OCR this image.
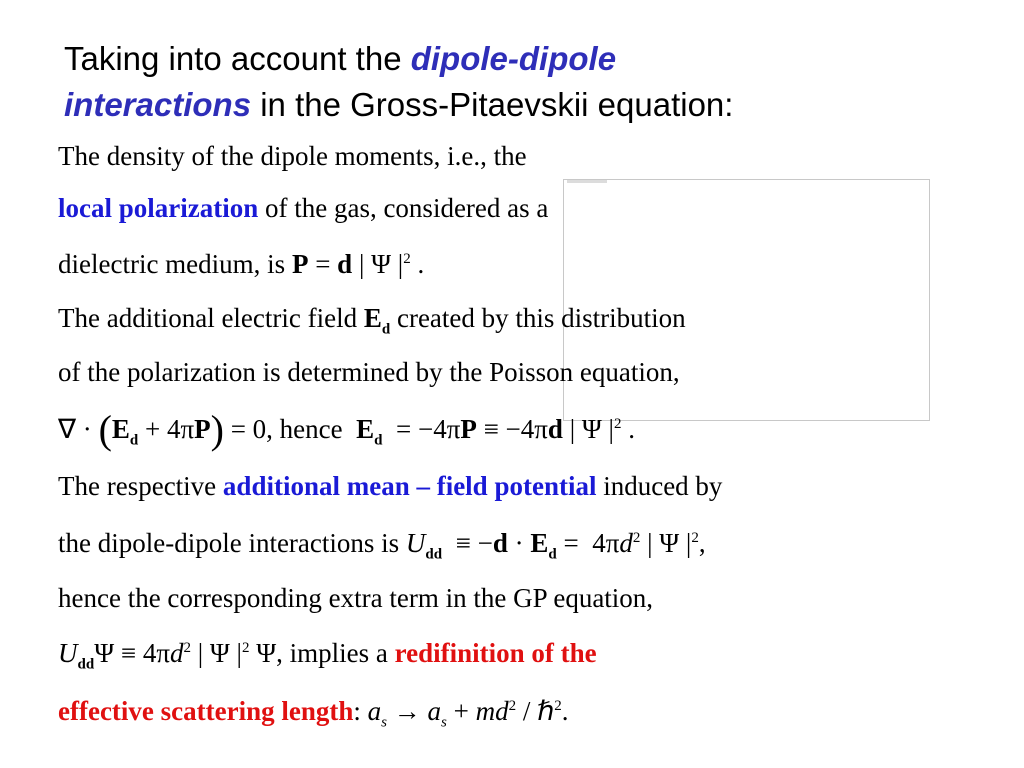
Taking into account the dipole-dipole
interactions in the Gross-Pitaevskii equation:
The density of the dipole moments, i.e., the
local polarization of the gas, considered as a
dielectric medium, is P = d | Ψ $|^2$ .
The additional electric field $E_d$ created by this distribution
of the polarization is determined by the Poisson equation,
∇ · $(E_d + 4\pi P) = 0$, hence  $E_d = -4\pi P \equiv -4\pi d$ | Ψ $|^2$ .
The respective additional mean – field potential induced by
the dipole-dipole interactions is $U_{dd} \equiv -d \cdot E_d = 4\pi d^2$ | Ψ $|^2$,
hence the corresponding extra term in the GP equation,
$U_{dd}\Psi \equiv 4\pi d^2$ | Ψ $|^2$ Ψ, implies a redifinition of the
effective scattering length: $a_s \to a_s + md^2$ / ℏ$^2$.
